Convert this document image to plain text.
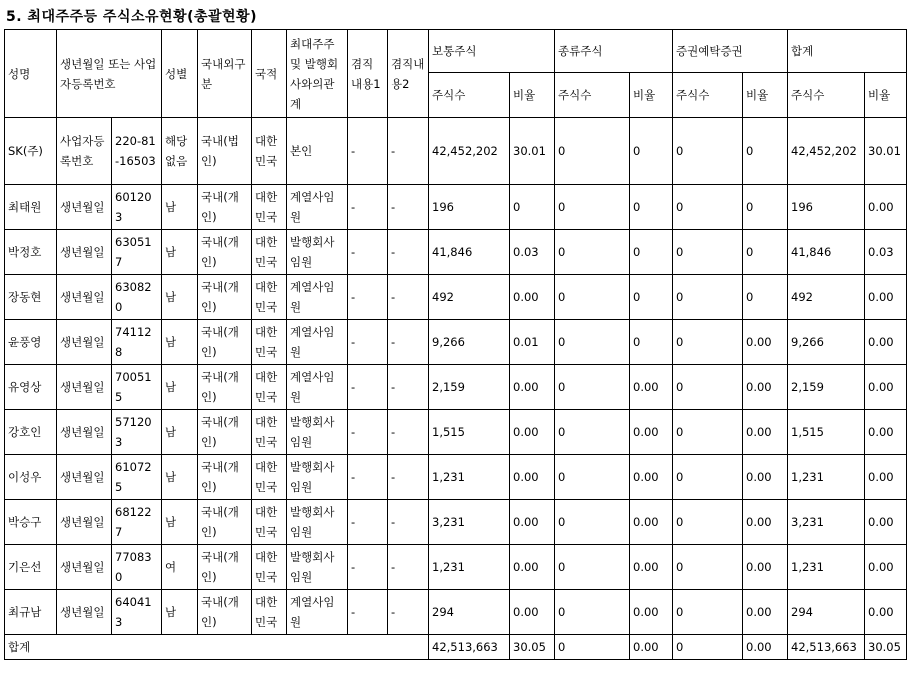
5. 최대주주등 주식소유현황(총괄현황)
성명	생년월일 또는 사업자등록번호		성별	국내외구분	국적	최대주주및 발행회사와의관계	겸직내용1	겸직내용2	보통주식		종류주식		증권예탁증권		합계	
									주식수	비율	주식수	비율	주식수	비율	주식수	비율
SK(주)	사업자등록번호	220-81-16503	해당없음	국내(법인)	대한민국	본인	-	-	42,452,202	30.01	0	0	0	0	42,452,202	30.01
최태원	생년월일	601203	남	국내(개인)	대한민국	계열사임원	-	-	196	0	0	0	0	0	196	0.00
박정호	생년월일	630517	남	국내(개인)	대한민국	발행회사임원	-	-	41,846	0.03	0	0	0	0	41,846	0.03
장동현	생년월일	630820	남	국내(개인)	대한민국	계열사임원	-	-	492	0.00	0	0	0	0	492	0.00
윤풍영	생년월일	741128	남	국내(개인)	대한민국	계열사임원	-	-	9,266	0.01	0	0	0	0.00	9,266	0.00
유영상	생년월일	700515	남	국내(개인)	대한민국	계열사임원	-	-	2,159	0.00	0	0.00	0	0.00	2,159	0.00
강호인	생년월일	571203	남	국내(개인)	대한민국	발행회사임원	-	-	1,515	0.00	0	0.00	0	0.00	1,515	0.00
이성우	생년월일	610725	남	국내(개인)	대한민국	발행회사임원	-	-	1,231	0.00	0	0.00	0	0.00	1,231	0.00
박승구	생년월일	681227	남	국내(개인)	대한민국	발행회사임원	-	-	3,231	0.00	0	0.00	0	0.00	3,231	0.00
기은선	생년월일	770830	여	국내(개인)	대한민국	발행회사임원	-	-	1,231	0.00	0	0.00	0	0.00	1,231	0.00
최규남	생년월일	640413	남	국내(개인)	대한민국	계열사임원	-	-	294	0.00	0	0.00	0	0.00	294	0.00
합계									42,513,663	30.05	0	0.00	0	0.00	42,513,663	30.05
